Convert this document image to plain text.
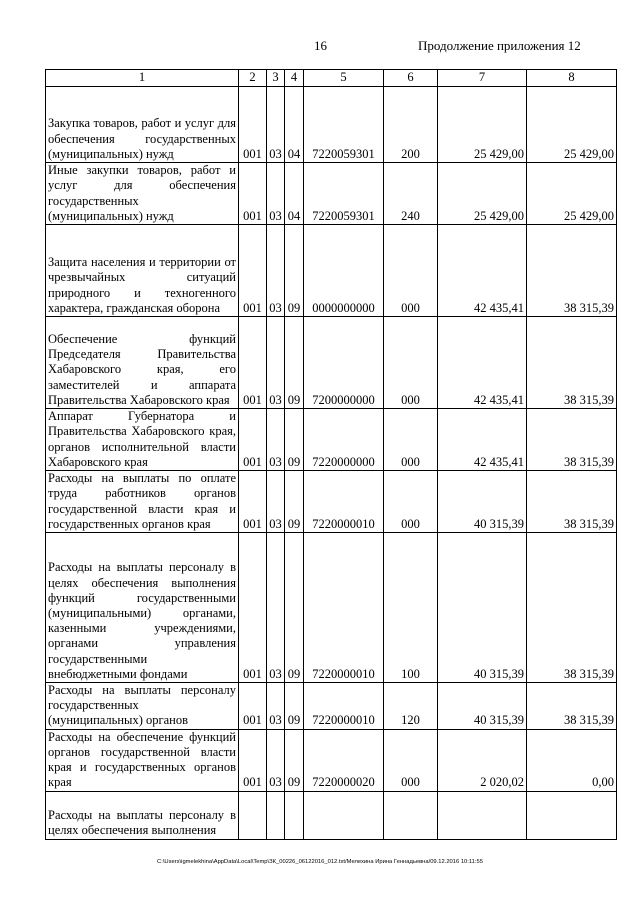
16	Продолжение приложения 12
1	2	3	4	5	6	7	8
Закупка товаров, работ и услуг для обеспечения государственных (муниципальных) нужд	001	03	04	7220059301	200	25 429,00	25 429,00
Иные закупки товаров, работ и услуг для обеспечения государственных (муниципальных) нужд	001	03	04	7220059301	240	25 429,00	25 429,00
Защита населения и территории от чрезвычайных ситуаций природного и техногенного характера, гражданская оборона	001	03	09	0000000000	000	42 435,41	38 315,39
Обеспечение функций Председателя Правительства Хабаровского края, его заместителей и аппарата Правительства Хабаровского края	001	03	09	7200000000	000	42 435,41	38 315,39
Аппарат Губернатора и Правительства Хабаровского края, органов исполнительной власти Хабаровского края	001	03	09	7220000000	000	42 435,41	38 315,39
Расходы на выплаты по оплате труда работников органов государственной власти края и государственных органов края	001	03	09	7220000010	000	40 315,39	38 315,39
Расходы на выплаты персоналу в целях обеспечения выполнения функций государственными (муниципальными) органами, казенными учреждениями, органами управления государственными внебюджетными фондами	001	03	09	7220000010	100	40 315,39	38 315,39
Расходы на выплаты персоналу государственных (муниципальных) органов	001	03	09	7220000010	120	40 315,39	38 315,39
Расходы на обеспечение функций органов государственной власти края и государственных органов края	001	03	09	7220000020	000	2 020,02	0,00
Расходы на выплаты персоналу в целях обеспечения выполнения							
C:\Users\igmelekhina\AppData\Local\Temp\ЗК_00226_06122016_012.txt/Мелехина Ирина Геннадьевна/09.12.2016 10:11:55
